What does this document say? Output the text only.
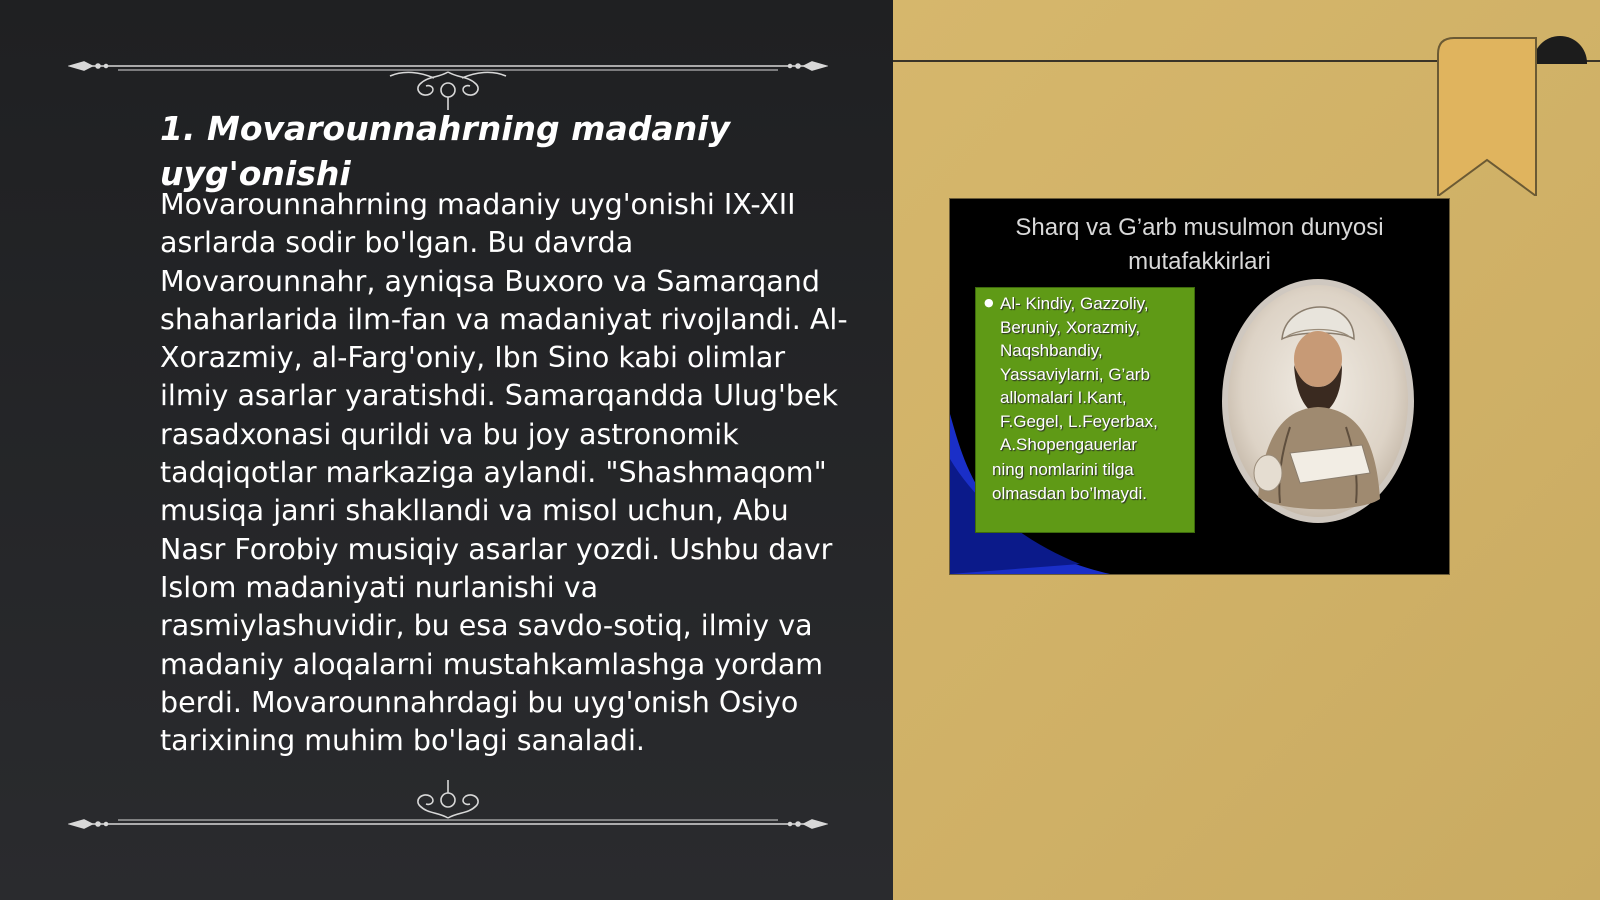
1. Movarounnahrning madaniy uyg'onishi

Movarounnahrning madaniy uyg'onishi IX-XII asrlarda sodir bo'lgan. Bu davrda Movarounnahr, ayniqsa Buxoro va Samarqand shaharlarida ilm-fan va madaniyat rivojlandi. Al-Xorazmiy, al-Farg'oniy, Ibn Sino kabi olimlar ilmiy asarlar yaratishdi. Samarqandda Ulug'bek rasadxonasi qurildi va bu joy astronomik tadqiqotlar markaziga aylandi. "Shashmaqom" musiqa janri shakllandi va misol uchun, Abu Nasr Forobiy musiqiy asarlar yozdi. Ushbu davr Islom madaniyati nurlanishi va rasmiylashuvidir, bu esa savdo-sotiq, ilmiy va madaniy aloqalarni mustahkamlashga yordam berdi. Movarounnahrdagi bu uyg'onish Osiyo tarixining muhim bo'lagi sanaladi.

Sharq va G’arb musulmon dunyosi mutafakkirlari
● Al- Kindiy, Gazzoliy, Beruniy, Xorazmiy, Naqshbandiy, Yassaviylarni, G’arb allomalari I.Kant, F.Gegel, L.Feyerbax, A.Shopengauerlar
ning nomlarini tilga olmasdan bo’lmaydi.
